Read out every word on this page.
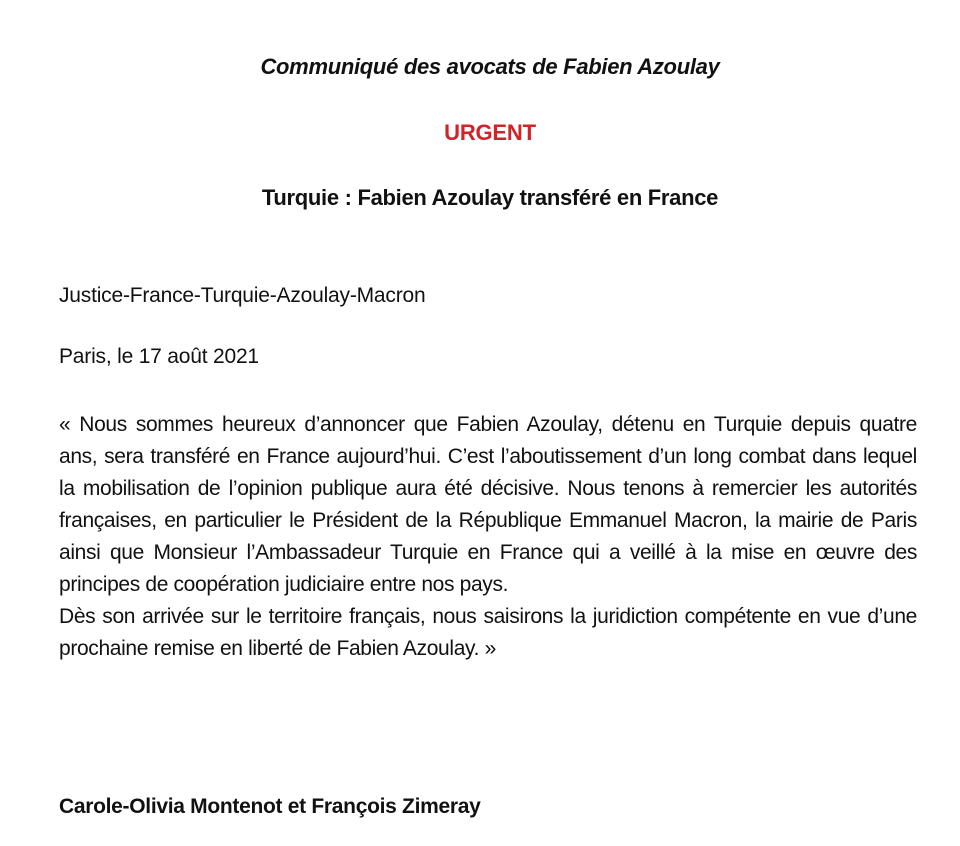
Communiqué des avocats de Fabien Azoulay
URGENT
Turquie : Fabien Azoulay transféré en France
Justice-France-Turquie-Azoulay-Macron
Paris, le 17 août 2021

« Nous sommes heureux d’annoncer que Fabien Azoulay, détenu en Turquie depuis quatre ans, sera transféré en France aujourd’hui. C’est l’aboutissement d’un long combat dans lequel la mobilisation de l’opinion publique aura été décisive. Nous tenons à remercier les autorités françaises, en particulier le Président de la République Emmanuel Macron, la mairie de Paris ainsi que Monsieur l’Ambassadeur Turquie en France qui a veillé à la mise en œuvre des principes de coopération judiciaire entre nos pays.

Dès son arrivée sur le territoire français, nous saisirons la juridiction compétente en vue d’une prochaine remise en liberté de Fabien Azoulay. »

Carole-Olivia Montenot et François Zimeray
